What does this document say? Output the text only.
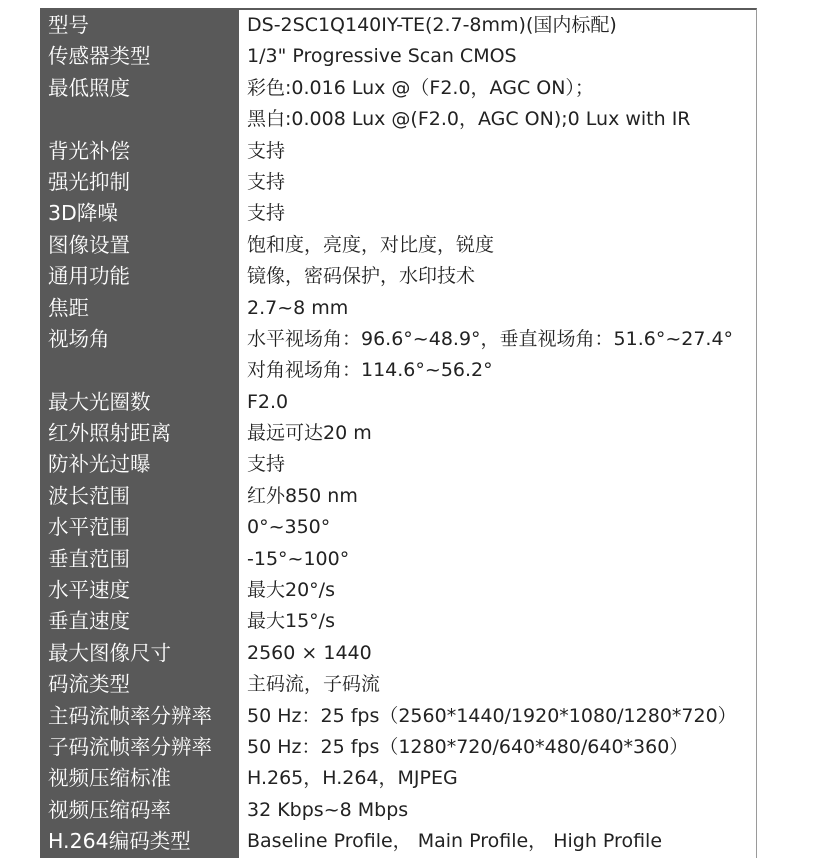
型号	DS-2SC1Q140IY-TE(2.7-8mm)(国内标配)
传感器类型	1/3" Progressive Scan CMOS
最低照度	彩色:0.016 Lux @（F2.0，AGC ON）；
黑白:0.008 Lux @(F2.0，AGC ON);0 Lux with IR
背光补偿	支持
强光抑制	支持
3D降噪	支持
图像设置	饱和度，亮度，对比度，锐度
通用功能	镜像，密码保护，水印技术
焦距	2.7~8 mm
视场角	水平视场角：96.6°~48.9°，垂直视场角：51.6°~27.4°
对角视场角：114.6°~56.2°
最大光圈数	F2.0
红外照射距离	最远可达20 m
防补光过曝	支持
波长范围	红外850 nm
水平范围	0°~350°
垂直范围	-15°~100°
水平速度	最大20°/s
垂直速度	最大15°/s
最大图像尺寸	2560 × 1440
码流类型	主码流，子码流
主码流帧率分辨率	50 Hz：25 fps（2560*1440/1920*1080/1280*720）
子码流帧率分辨率	50 Hz：25 fps（1280*720/640*480/640*360）
视频压缩标准	H.265，H.264，MJPEG
视频压缩码率	32 Kbps~8 Mbps
H.264编码类型	Baseline Profile， Main Profile， High Profile
